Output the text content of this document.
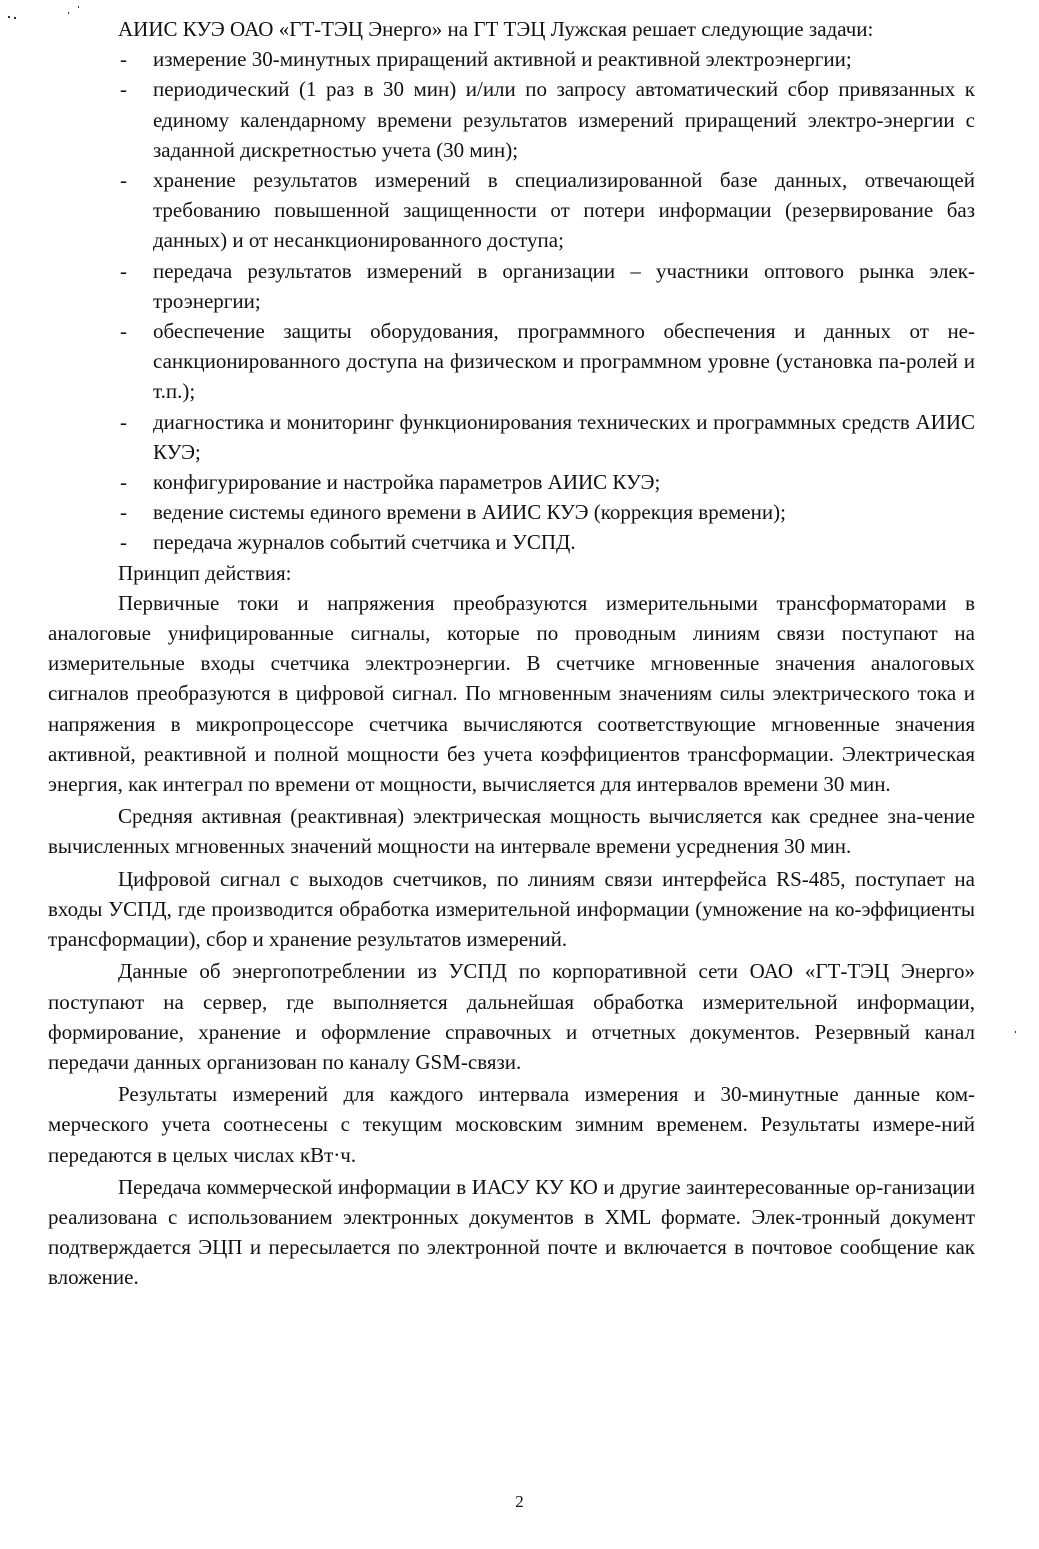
АИИС КУЭ ОАО «ГТ-ТЭЦ Энерго» на ГТ ТЭЦ Лужская решает следующие задачи:

- измерение 30-минутных приращений активной и реактивной электроэнергии;
- периодический (1 раз в 30 мин) и/или по запросу автоматический сбор привязанных к единому календарному времени результатов измерений приращений электро-энергии с заданной дискретностью учета (30 мин);
- хранение результатов измерений в специализированной базе данных, отвечающей требованию повышенной защищенности от потери информации (резервирование баз данных) и от несанкционированного доступа;
- передача результатов измерений в организации – участники оптового рынка элек-троэнергии;
- обеспечение защиты оборудования, программного обеспечения и данных от не-санкционированного доступа на физическом и программном уровне (установка па-ролей и т.п.);
- диагностика и мониторинг функционирования технических и программных средств АИИС КУЭ;
- конфигурирование и настройка параметров АИИС КУЭ;
- ведение системы единого времени в АИИС КУЭ (коррекция времени);
- передача журналов событий счетчика и УСПД.

Принцип действия:

Первичные токи и напряжения преобразуются измерительными трансформаторами в аналоговые унифицированные сигналы, которые по проводным линиям связи поступают на измерительные входы счетчика электроэнергии. В счетчике мгновенные значения аналоговых сигналов преобразуются в цифровой сигнал. По мгновенным значениям силы электрического тока и напряжения в микропроцессоре счетчика вычисляются соответствующие мгновенные значения активной, реактивной и полной мощности без учета коэффициентов трансформации. Электрическая энергия, как интеграл по времени от мощности, вычисляется для интервалов времени 30 мин.

Средняя активная (реактивная) электрическая мощность вычисляется как среднее зна-чение вычисленных мгновенных значений мощности на интервале времени усреднения 30 мин.

Цифровой сигнал с выходов счетчиков, по линиям связи интерфейса RS-485, поступает на входы УСПД, где производится обработка измерительной информации (умножение на ко-эффициенты трансформации), сбор и хранение результатов измерений.

Данные об энергопотреблении из УСПД по корпоративной сети ОАО «ГТ-ТЭЦ Энерго» поступают на сервер, где выполняется дальнейшая обработка измерительной информации, формирование, хранение и оформление справочных и отчетных документов. Резервный канал передачи данных организован по каналу GSM-связи.

Результаты измерений для каждого интервала измерения и 30-минутные данные ком-мерческого учета соотнесены с текущим московским зимним временем. Результаты измере-ний передаются в целых числах кВт·ч.

Передача коммерческой информации в ИАСУ КУ КО и другие заинтересованные ор-ганизации реализована с использованием электронных документов в XML формате. Элек-тронный документ подтверждается ЭЦП и пересылается по электронной почте и включается в почтовое сообщение как вложение.

2
